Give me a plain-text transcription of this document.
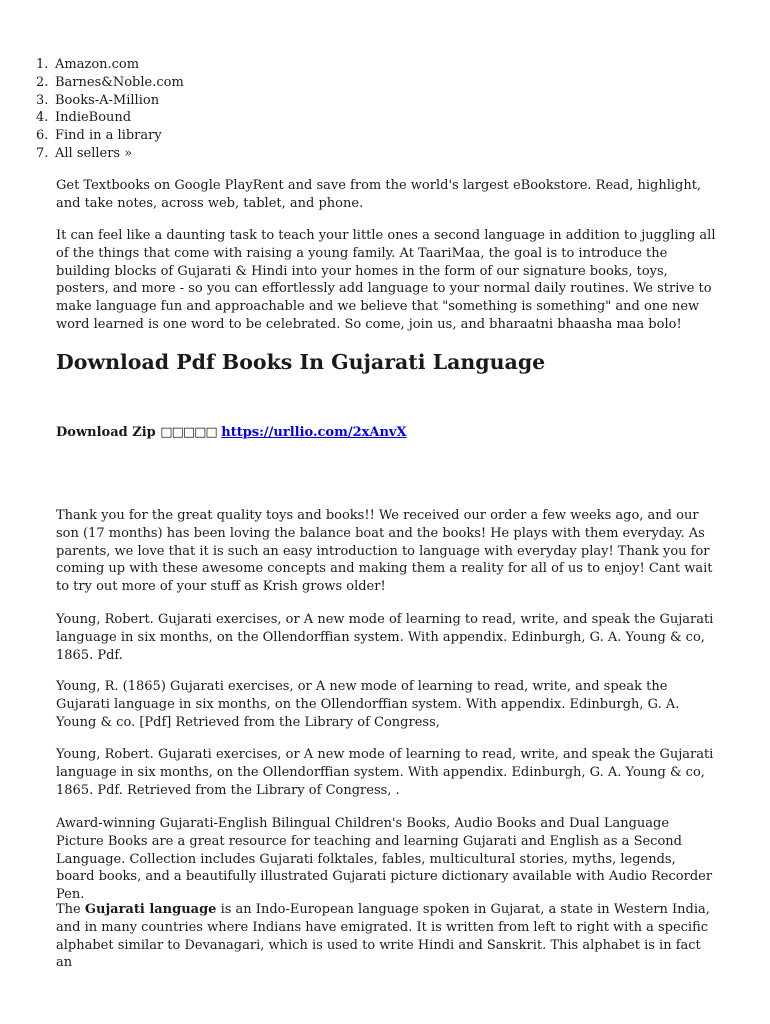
1. Amazon.com
2. Barnes&Noble.com
3. Books-A-Million
4. IndieBound
6. Find in a library
7. All sellers »

Get Textbooks on Google PlayRent and save from the world's largest eBookstore. Read, highlight, and take notes, across web, tablet, and phone.

It can feel like a daunting task to teach your little ones a second language in addition to juggling all of the things that come with raising a young family. At TaariMaa, the goal is to introduce the building blocks of Gujarati & Hindi into your homes in the form of our signature books, toys, posters, and more - so you can effortlessly add language to your normal daily routines. We strive to make language fun and approachable and we believe that "something is something" and one new word learned is one word to be celebrated. So come, join us, and bharaatni bhaasha maa bolo!

Download Pdf Books In Gujarati Language
Download Zip □□□□□ https://urllio.com/2xAnvX

Thank you for the great quality toys and books!! We received our order a few weeks ago, and our son (17 months) has been loving the balance boat and the books! He plays with them everyday. As parents, we love that it is such an easy introduction to language with everyday play! Thank you for coming up with these awesome concepts and making them a reality for all of us to enjoy! Cant wait to try out more of your stuff as Krish grows older!

Young, Robert. Gujarati exercises, or A new mode of learning to read, write, and speak the Gujarati language in six months, on the Ollendorffian system. With appendix. Edinburgh, G. A. Young & co, 1865. Pdf.

Young, R. (1865) Gujarati exercises, or A new mode of learning to read, write, and speak the Gujarati language in six months, on the Ollendorffian system. With appendix. Edinburgh, G. A. Young & co. [Pdf] Retrieved from the Library of Congress,

Young, Robert. Gujarati exercises, or A new mode of learning to read, write, and speak the Gujarati language in six months, on the Ollendorffian system. With appendix. Edinburgh, G. A. Young & co, 1865. Pdf. Retrieved from the Library of Congress, .

Award-winning Gujarati-English Bilingual Children's Books, Audio Books and Dual Language Picture Books are a great resource for teaching and learning Gujarati and English as a Second Language. Collection includes Gujarati folktales, fables, multicultural stories, myths, legends, board books, and a beautifully illustrated Gujarati picture dictionary available with Audio Recorder Pen.

The Gujarati language is an Indo-European language spoken in Gujarat, a state in Western India, and in many countries where Indians have emigrated. It is written from left to right with a specific alphabet similar to Devanagari, which is used to write Hindi and Sanskrit. This alphabet is in fact an
